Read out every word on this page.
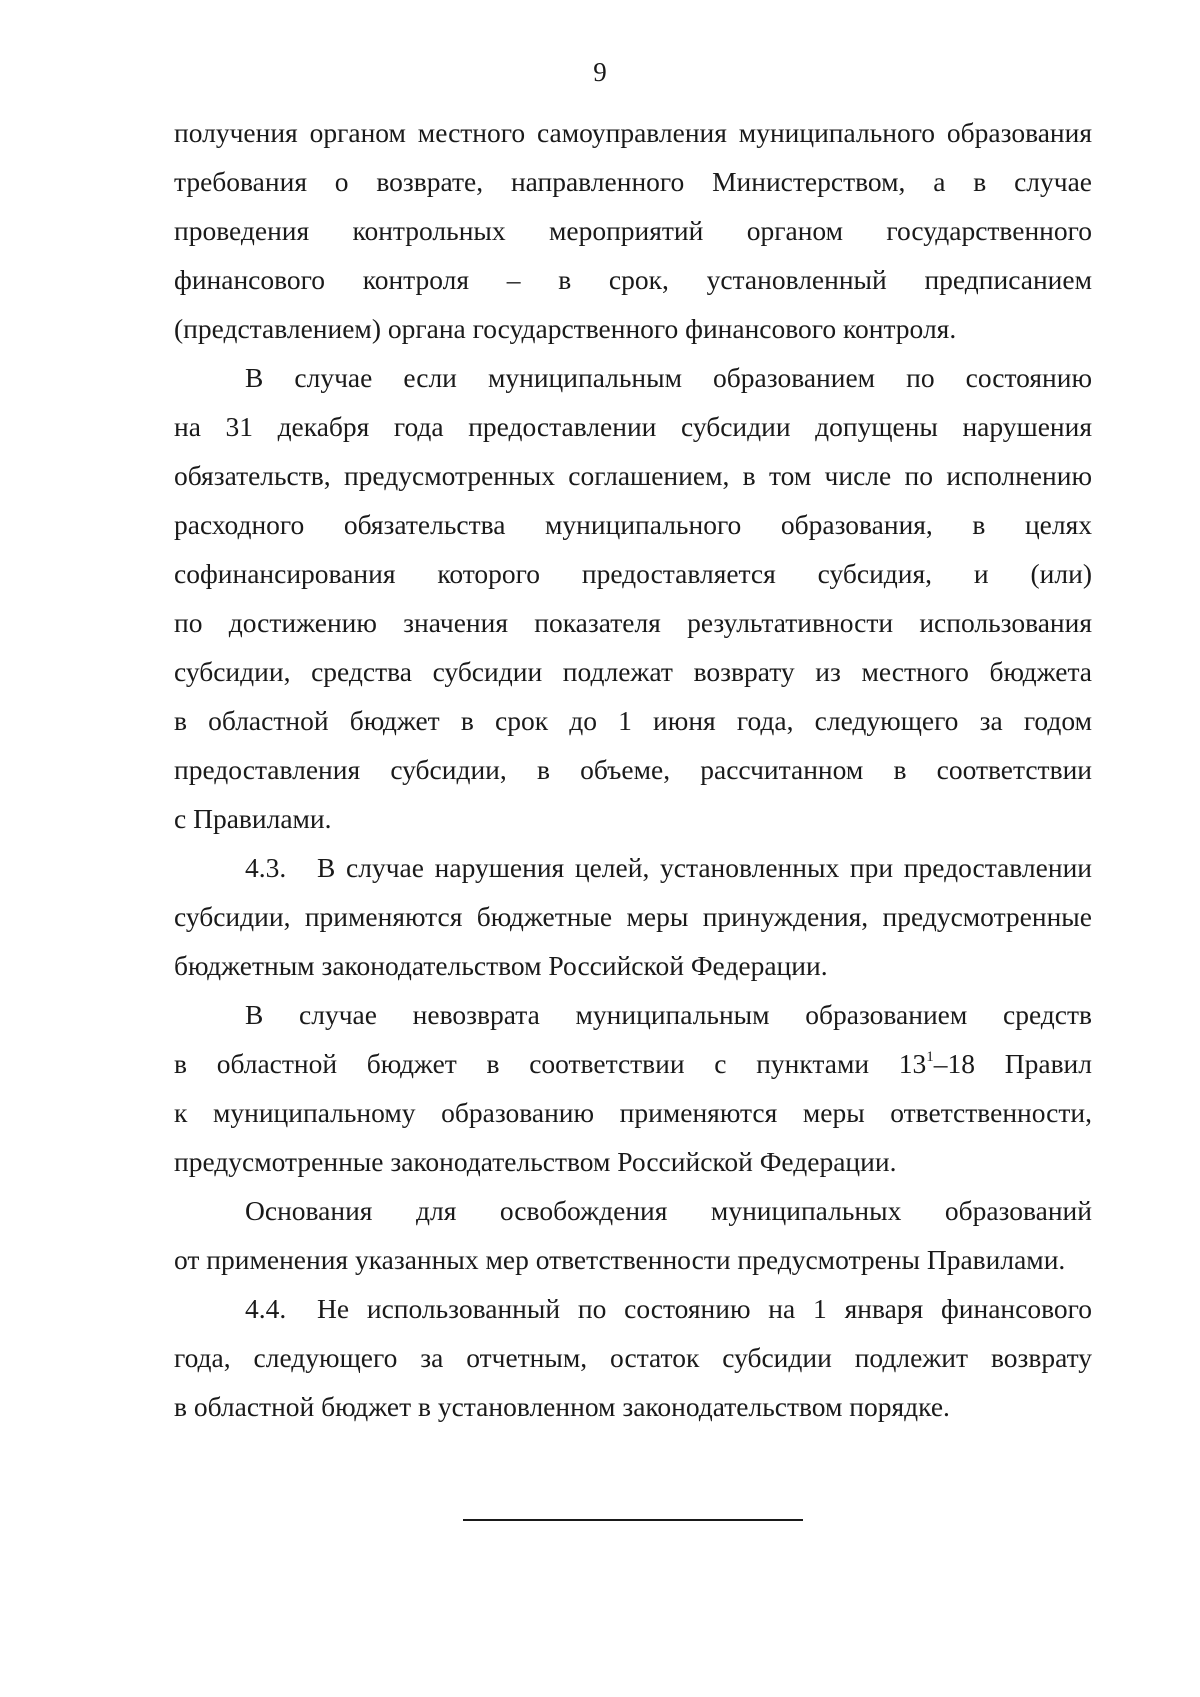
9
получения органом местного самоуправления муниципального образования
требования о возврате, направленного Министерством, а в случае
проведения контрольных мероприятий органом государственного
финансового контроля – в срок, установленный предписанием
(представлением) органа государственного финансового контроля.
В случае если муниципальным образованием по состоянию
на 31 декабря года предоставлении субсидии допущены нарушения
обязательств, предусмотренных соглашением, в том числе по исполнению
расходного обязательства муниципального образования, в целях
софинансирования которого предоставляется субсидия, и (или)
по достижению значения показателя результативности использования
субсидии, средства субсидии подлежат возврату из местного бюджета
в областной бюджет в срок до 1 июня года, следующего за годом
предоставления субсидии, в объеме, рассчитанном в соответствии
с Правилами.
4.3. В случае нарушения целей, установленных при предоставлении
субсидии, применяются бюджетные меры принуждения, предусмотренные
бюджетным законодательством Российской Федерации.
В случае невозврата муниципальным образованием средств
в областной бюджет в соответствии с пунктами $13^1-18$ Правил
к муниципальному образованию применяются меры ответственности,
предусмотренные законодательством Российской Федерации.
Основания для освобождения муниципальных образований
от применения указанных мер ответственности предусмотрены Правилами.
4.4. Не использованный по состоянию на 1 января финансового
года, следующего за отчетным, остаток субсидии подлежит возврату
в областной бюджет в установленном законодательством порядке.
